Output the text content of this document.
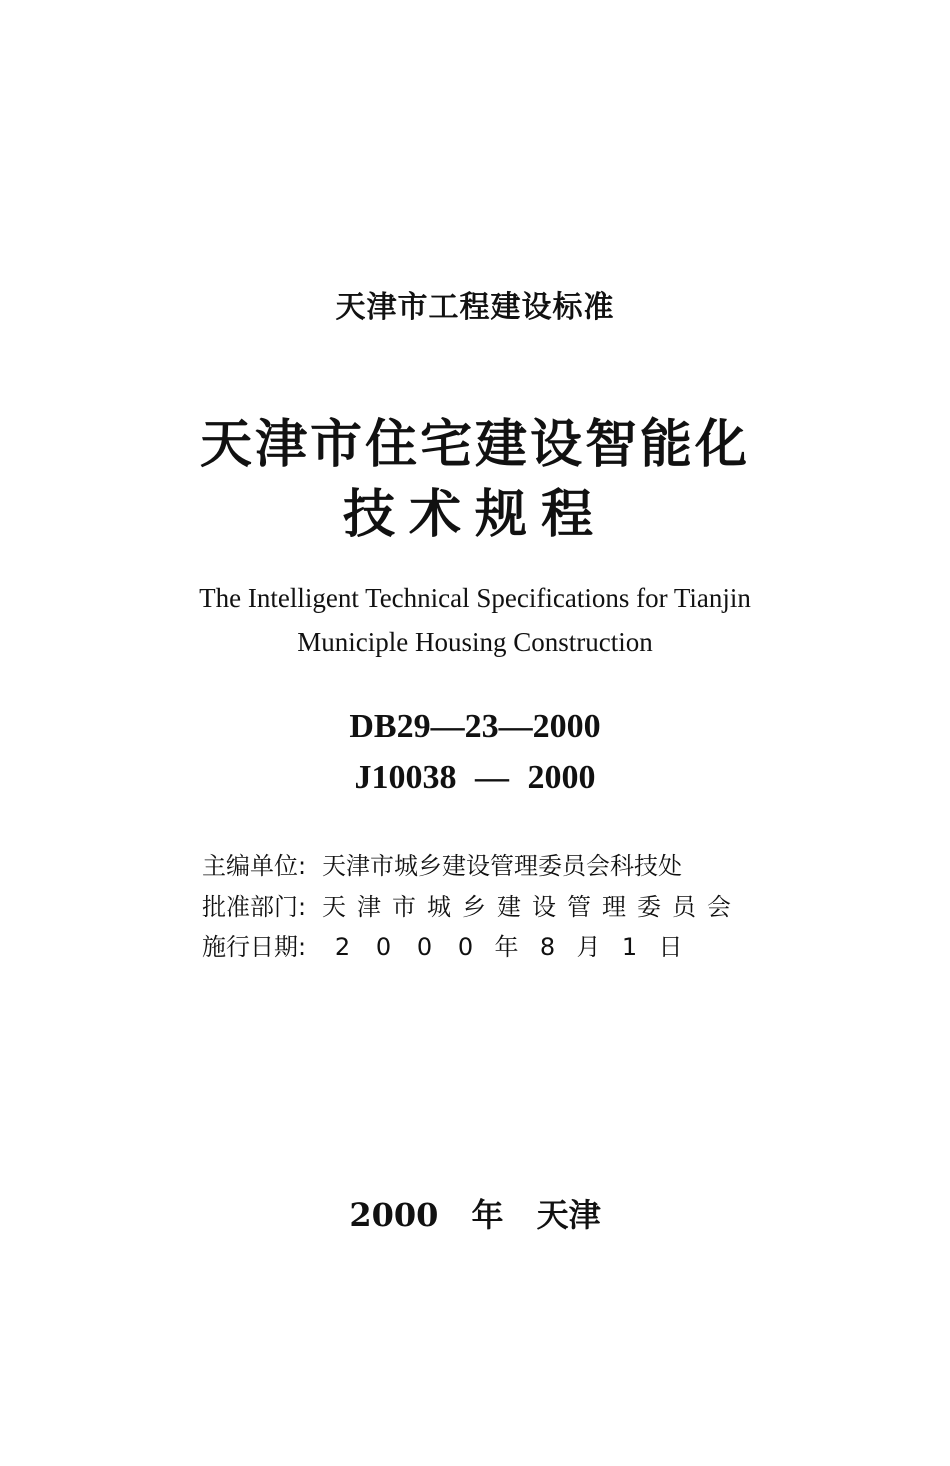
天津市工程建设标准
天津市住宅建设智能化
技术规程
The Intelligent Technical Specifications for Tianjin
Municiple Housing Construction
DB29—23—2000
J10038 — 2000
主编单位: 天津市城乡建设管理委员会科技处
批准部门: 天津市城乡建设管理委员会
施行日期:	2 0 0 0 年 8 月 1 日
2000 年 天津
